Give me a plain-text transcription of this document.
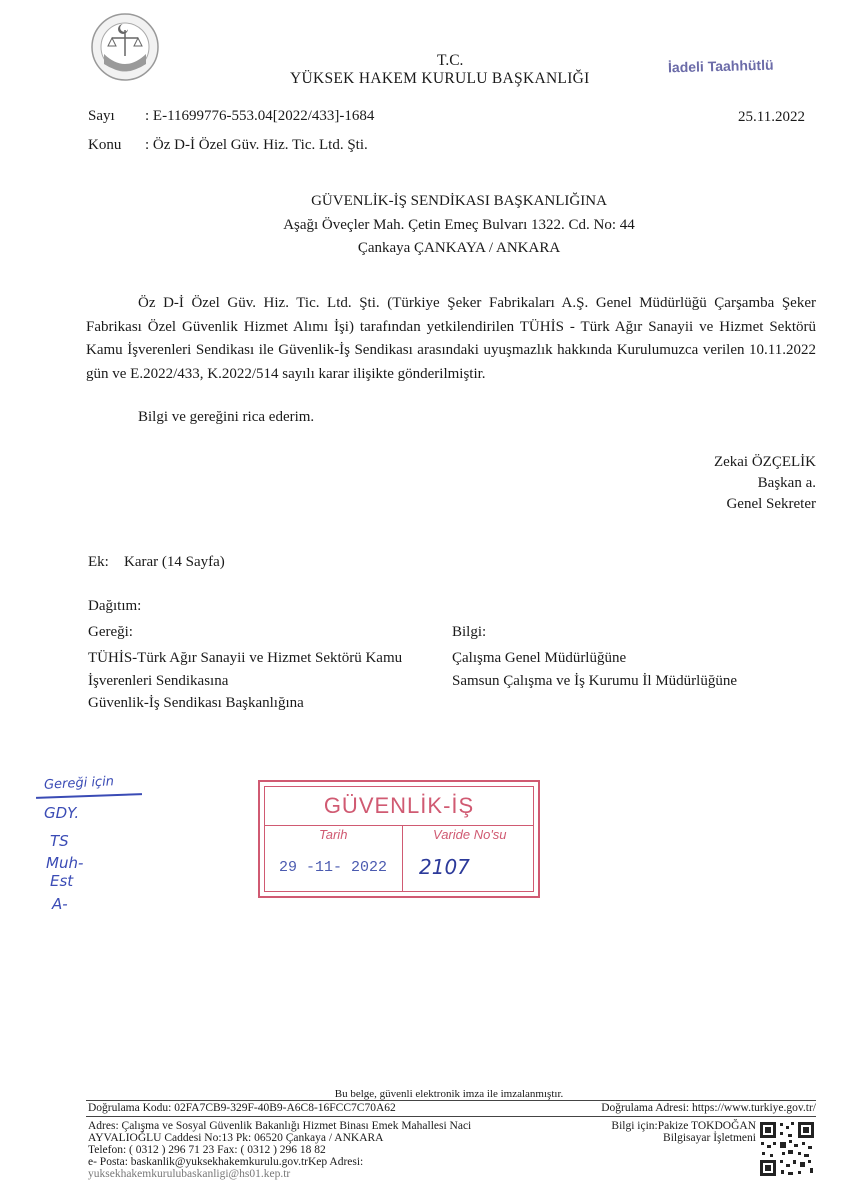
T.C.
YÜKSEK HAKEM KURULU BAŞKANLIĞI
İadeli Taahhütlü
Sayı : E-11699776-553.04[2022/433]-1684
Konu : Öz D-İ Özel Güv. Hiz. Tic. Ltd. Şti.
25.11.2022
GÜVENLİK-İŞ SENDİKASI BAŞKANLIĞINA
Aşağı Öveçler Mah. Çetin Emeç Bulvarı 1322. Cd. No: 44
Çankaya ÇANKAYA / ANKARA

Öz D-İ Özel Güv. Hiz. Tic. Ltd. Şti. (Türkiye Şeker Fabrikaları A.Ş. Genel Müdürlüğü Çarşamba Şeker Fabrikası Özel Güvenlik Hizmet Alımı İşi) tarafından yetkilendirilen TÜHİS - Türk Ağır Sanayii ve Hizmet Sektörü Kamu İşverenleri Sendikası ile Güvenlik-İş Sendikası arasındaki uyuşmazlık hakkında Kurulumuzca verilen 10.11.2022 gün ve E.2022/433, K.2022/514 sayılı karar ilişikte gönderilmiştir.

Bilgi ve gereğini rica ederim.
Zekai ÖZÇELİK
Başkan a.
Genel Sekreter
Ek: Karar (14 Sayfa)
Dağıtım:
Gereği:	Bilgi:
TÜHİS-Türk Ağır Sanayii ve Hizmet Sektörü Kamu
İşverenleri Sendikasına
Güvenlik-İş Sendikası Başkanlığına
Çalışma Genel Müdürlüğüne
Samsun Çalışma ve İş Kurumu İl Müdürlüğüne
Gereği için
GDY.
TS
Muh-
Est
A-
GÜVENLİK-İŞ
Tarih	Varide No'su
29 -11- 2022 2107
Bu belge, güvenli elektronik imza ile imzalanmıştır.
Doğrulama Kodu: 02FA7CB9-329F-40B9-A6C8-16FCC7C70A62	Doğrulama Adresi: https://www.turkiye.gov.tr/
Adres: Çalışma ve Sosyal Güvenlik Bakanlığı Hizmet Binası Emek Mahallesi Naci
AYVALIOĞLU Caddesi No:13 Pk: 06520 Çankaya / ANKARA
Telefon: ( 0312 ) 296 71 23 Fax: ( 0312 ) 296 18 82
e- Posta: baskanlik@yuksekhakemkurulu.gov.trKep Adresi:
yuksekhakemkurulubaskanligi@hs01.kep.tr
Bilgi için:Pakize TOKDOĞAN
Bilgisayar İşletmeni
